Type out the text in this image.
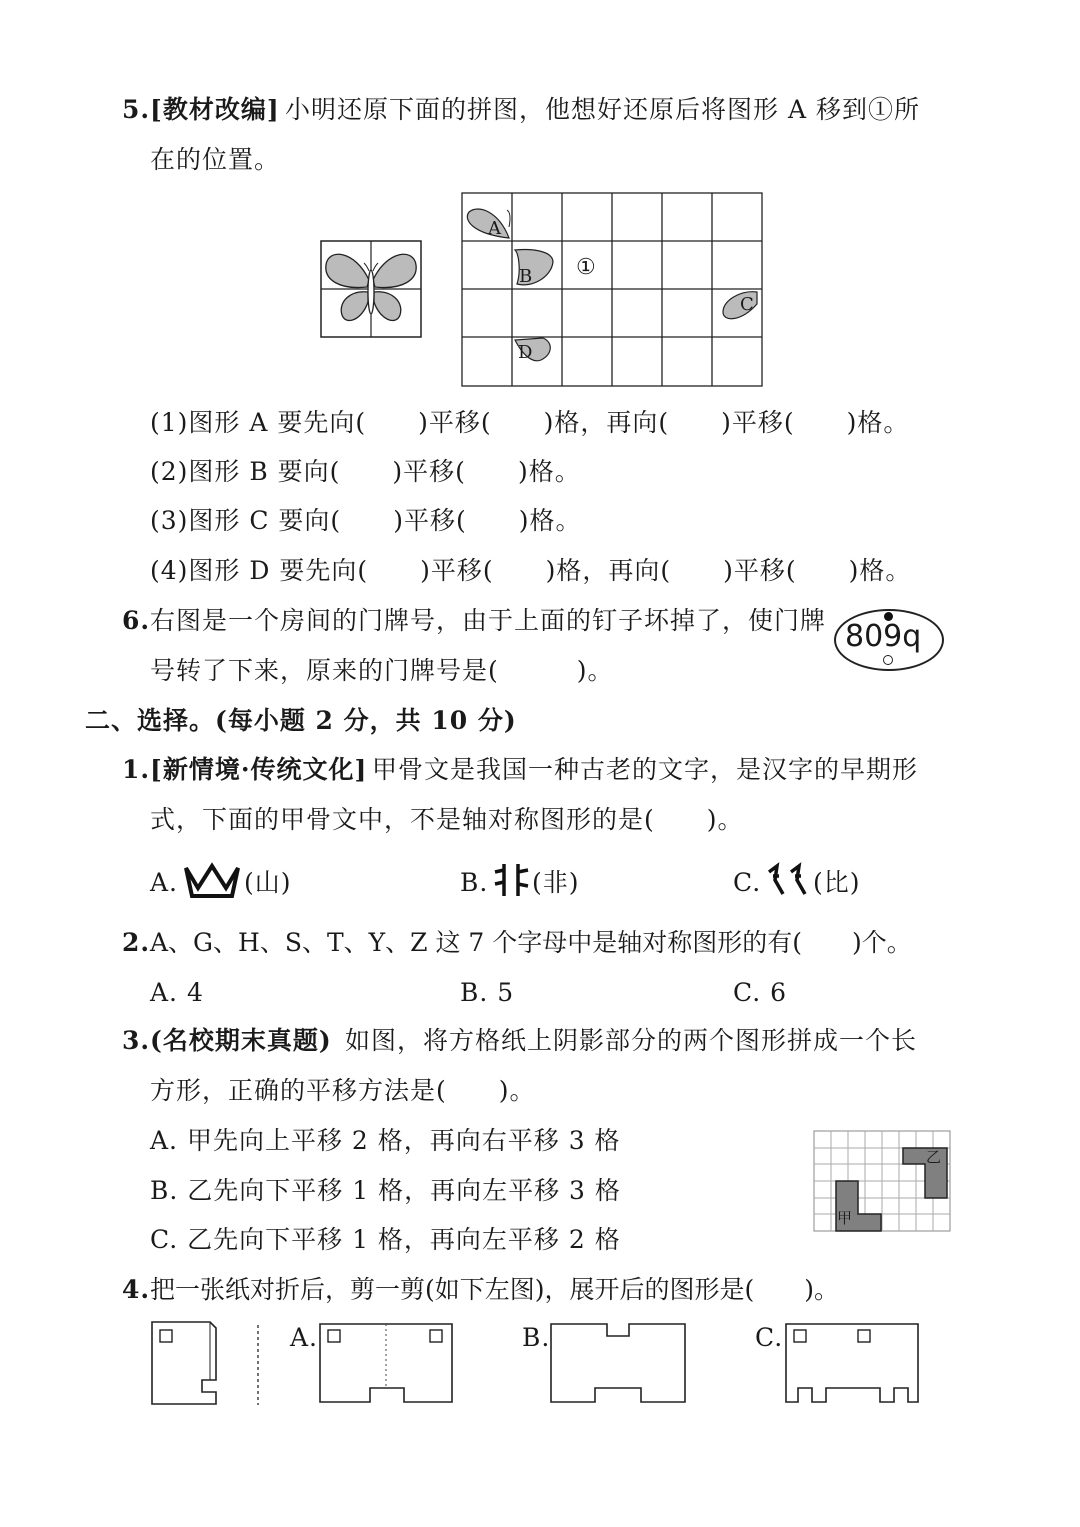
5. [教材改编] 小明还原下面的拼图，他想好还原后将图形 A 移到①所
在的位置。
A
B ①
C
D
(1)图形 A 要先向(　　)平移(　　)格，再向(　　)平移(　　)格。
(2)图形 B 要向(　　)平移(　　)格。
(3)图形 C 要向(　　)平移(　　)格。
(4)图形 D 要先向(　　)平移(　　)格，再向(　　)平移(　　)格。
6. 右图是一个房间的门牌号，由于上面的钉子坏掉了，使门牌
号转了下来，原来的门牌号是(　　　)。
809q
二、选择。(每小题 2 分，共 10 分)
1. [新情境·传统文化] 甲骨文是我国一种古老的文字，是汉字的早期形
式，下面的甲骨文中，不是轴对称图形的是(　　)。
A.	(山)	B. (非)	C. (比)
2. A、G、H、S、T、Y、Z 这 7 个字母中是轴对称图形的有(　　)个。
A. 4	B. 5	C. 6
3. (名校期末真题) 如图，将方格纸上阴影部分的两个图形拼成一个长
方形，正确的平移方法是(　　)。
A. 甲先向上平移 2 格，再向右平移 3 格
B. 乙先向下平移 1 格，再向左平移 3 格
C. 乙先向下平移 1 格，再向左平移 2 格
甲
乙
4. 把一张纸对折后，剪一剪(如下左图)，展开后的图形是(　　)。
A.	B.	C.
